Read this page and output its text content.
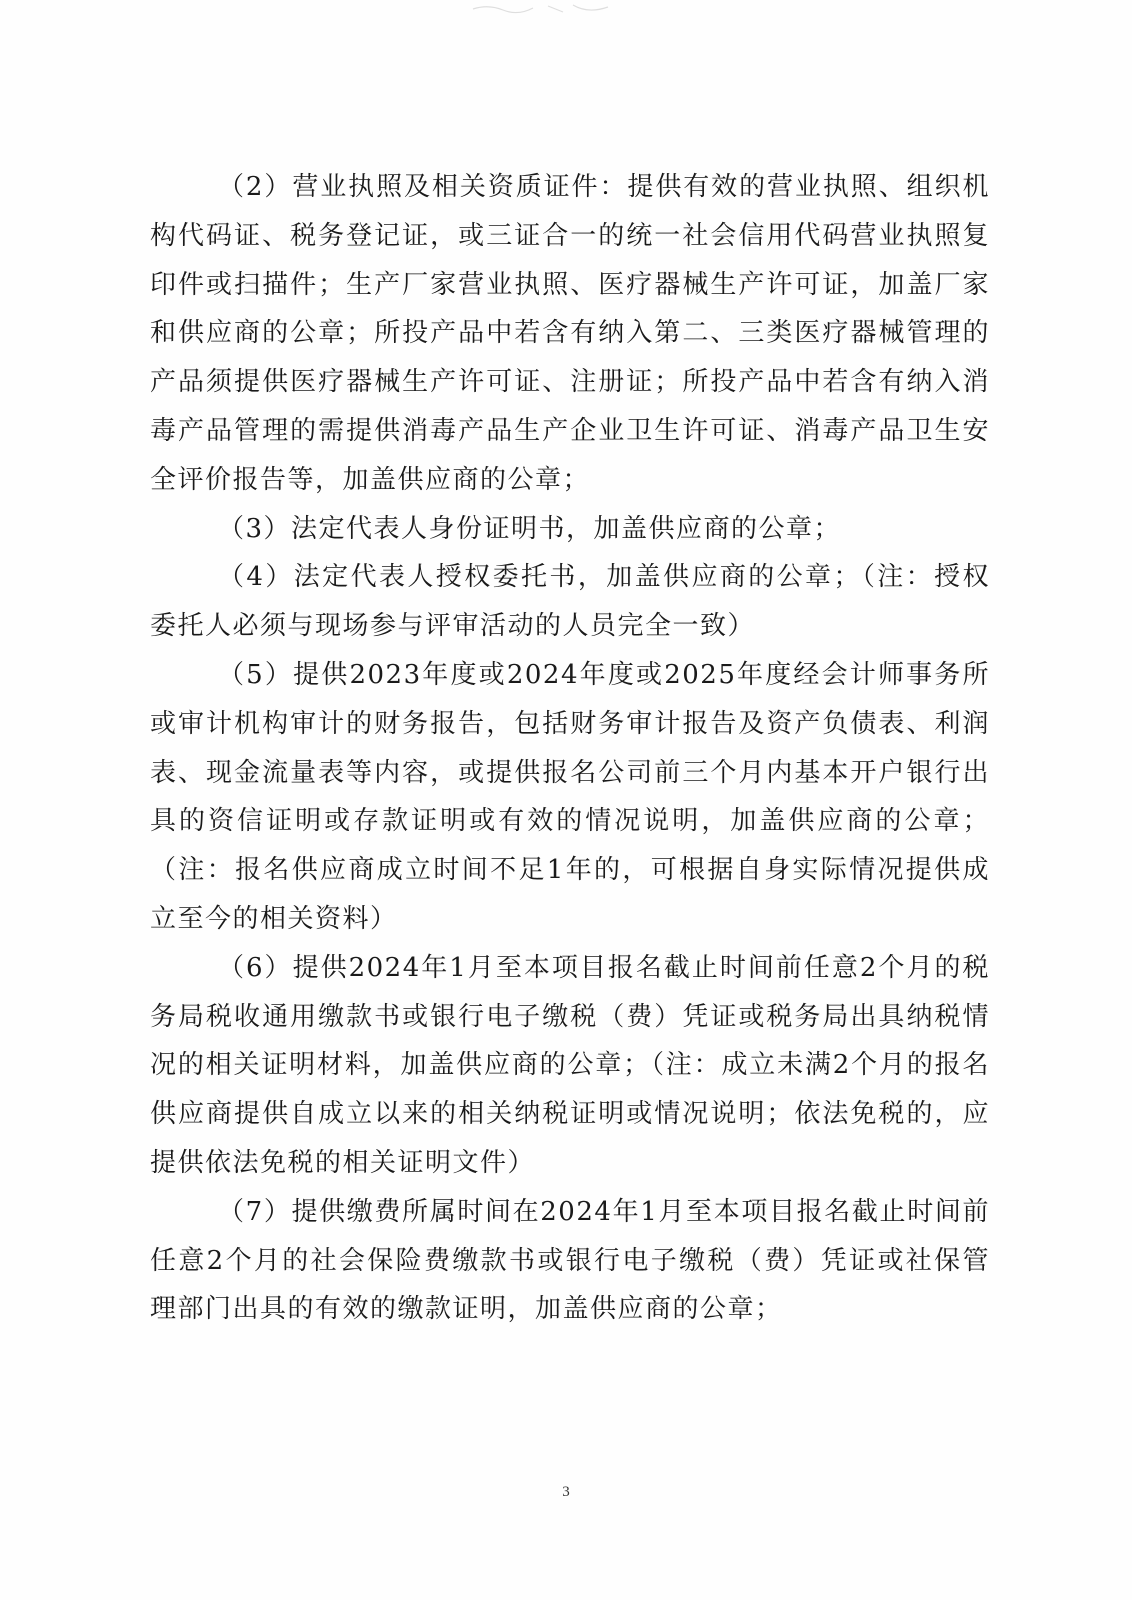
（2）营业执照及相关资质证件：提供有效的营业执照、组织机构代码证、税务登记证，或三证合一的统一社会信用代码营业执照复印件或扫描件；生产厂家营业执照、医疗器械生产许可证，加盖厂家和供应商的公章；所投产品中若含有纳入第二、三类医疗器械管理的产品须提供医疗器械生产许可证、注册证；所投产品中若含有纳入消毒产品管理的需提供消毒产品生产企业卫生许可证、消毒产品卫生安全评价报告等，加盖供应商的公章；

（3）法定代表人身份证明书，加盖供应商的公章；

（4）法定代表人授权委托书，加盖供应商的公章；（注：授权委托人必须与现场参与评审活动的人员完全一致）

（5）提供2023年度或2024年度或2025年度经会计师事务所或审计机构审计的财务报告，包括财务审计报告及资产负债表、利润表、现金流量表等内容，或提供报名公司前三个月内基本开户银行出具的资信证明或存款证明或有效的情况说明，加盖供应商的公章；（注：报名供应商成立时间不足1年的，可根据自身实际情况提供成立至今的相关资料）

（6）提供2024年1月至本项目报名截止时间前任意2个月的税务局税收通用缴款书或银行电子缴税（费）凭证或税务局出具纳税情况的相关证明材料，加盖供应商的公章；（注：成立未满2个月的报名供应商提供自成立以来的相关纳税证明或情况说明；依法免税的，应提供依法免税的相关证明文件）

（7）提供缴费所属时间在2024年1月至本项目报名截止时间前任意2个月的社会保险费缴款书或银行电子缴税（费）凭证或社保管理部门出具的有效的缴款证明，加盖供应商的公章；

3
